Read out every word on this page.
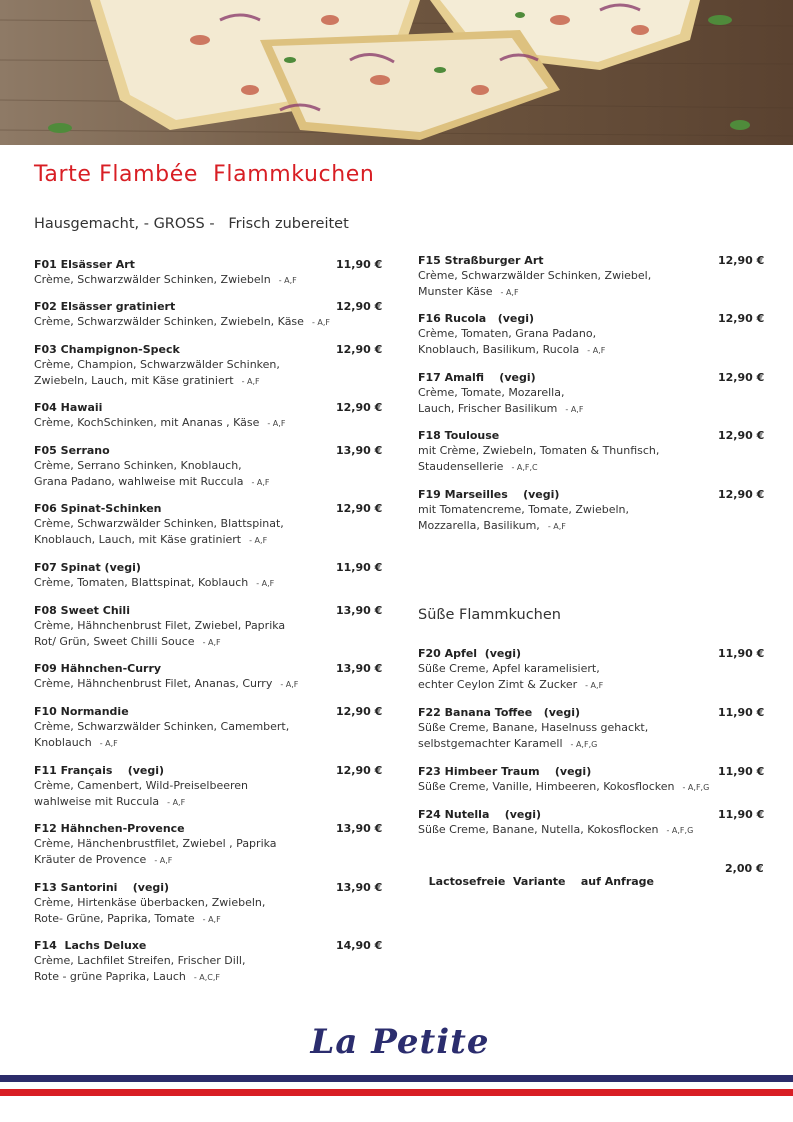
Tarte Flambée  Flammkuchen
Hausgemacht, - GROSS -   Frisch zubereitet
F01 Elsässer Art	11,90 €
Crème, Schwarzwälder Schinken, Zwiebeln - A,F
F02 Elsässer gratiniert	12,90 €
Crème, Schwarzwälder Schinken, Zwiebeln, Käse - A,F
F03 Champignon-Speck	12,90 €
Crème, Champion, Schwarzwälder Schinken,
Zwiebeln, Lauch, mit Käse gratiniert - A,F
F04 Hawaii	12,90 €
Crème, KochSchinken, mit Ananas , Käse - A,F
F05 Serrano	13,90 €
Crème, Serrano Schinken, Knoblauch,
Grana Padano, wahlweise mit Ruccula - A,F
F06 Spinat-Schinken	12,90 €
Crème, Schwarzwälder Schinken, Blattspinat,
Knoblauch, Lauch, mit Käse gratiniert - A,F
F07 Spinat (vegi)	11,90 €
Crème, Tomaten, Blattspinat, Koblauch - A,F
F08 Sweet Chili	13,90 €
Crème, Hähnchenbrust Filet, Zwiebel, Paprika
Rot/ Grün, Sweet Chilli Souce - A,F
F09 Hähnchen-Curry	13,90 €
Crème, Hähnchenbrust Filet, Ananas, Curry - A,F
F10 Normandie	12,90 €
Crème, Schwarzwälder Schinken, Camembert,
Knoblauch - A,F
F11 Français    (vegi)	12,90 €
Crème, Camenbert, Wild-Preiselbeeren
wahlweise mit Ruccula - A,F
F12 Hähnchen-Provence	13,90 €
Crème, Hänchenbrustfilet, Zwiebel , Paprika
Kräuter de Provence - A,F
F13 Santorini    (vegi)	13,90 €
Crème, Hirtenkäse überbacken, Zwiebeln,
Rote- Grüne, Paprika, Tomate - A,F
F14  Lachs Deluxe	14,90 €
Crème, Lachfilet Streifen, Frischer Dill,
Rote - grüne Paprika, Lauch - A,C,F
F15 Straßburger Art	12,90 €
Crème, Schwarzwälder Schinken, Zwiebel,
Munster Käse - A,F
F16 Rucola   (vegi)	12,90 €
Crème, Tomaten, Grana Padano,
Knoblauch, Basilikum, Rucola - A,F
F17 Amalfi    (vegi)	12,90 €
Crème, Tomate, Mozarella,
Lauch, Frischer Basilikum - A,F
F18 Toulouse	12,90 €
mit Crème, Zwiebeln, Tomaten & Thunfisch,
Staudensellerie - A,F,C
F19 Marseilles    (vegi)	12,90 €
mit Tomatencreme, Tomate, Zwiebeln,
Mozzarella, Basilikum, - A,F
F20 Apfel  (vegi)	11,90 €
Süße Creme, Apfel karamelisiert,
echter Ceylon Zimt & Zucker - A,F
F22 Banana Toffee   (vegi)	11,90 €
Süße Creme, Banane, Haselnuss gehackt,
selbstgemachter Karamell - A,F,G
F23 Himbeer Traum    (vegi)	11,90 €
Süße Creme, Vanille, Himbeeren, Kokosflocken - A,F,G
F24 Nutella    (vegi)	11,90 €
Süße Creme, Banane, Nutella, Kokosflocken - A,F,G
Süße Flammkuchen

Lactosefreie  Variante    auf Anfrage

2,00 €

La Petite
